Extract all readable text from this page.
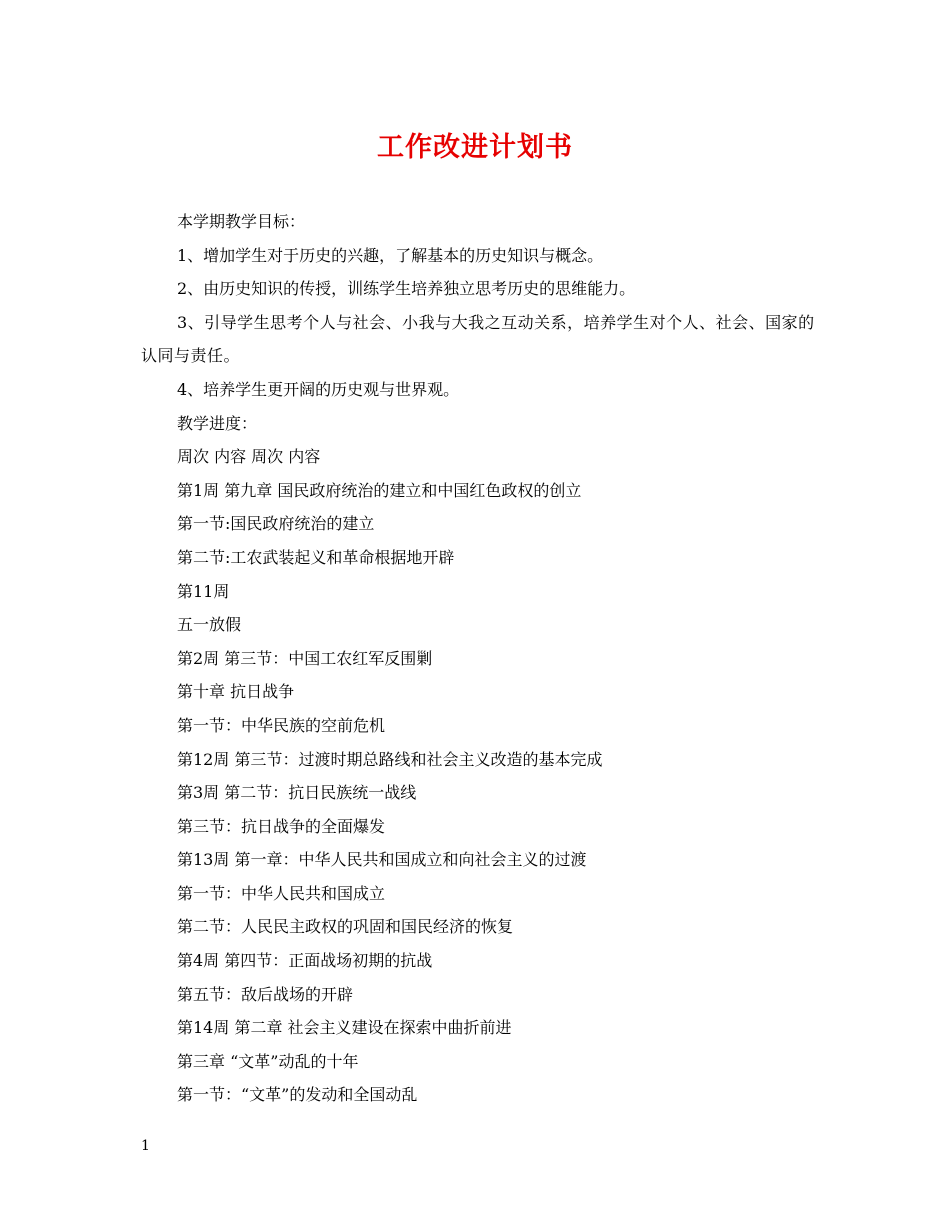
工作改进计划书

本学期教学目标：

1、增加学生对于历史的兴趣，了解基本的历史知识与概念。

2、由历史知识的传授，训练学生培养独立思考历史的思维能力。

3、引导学生思考个人与社会、小我与大我之互动关系，培养学生对个人、社会、国家的认同与责任。

4、培养学生更开阔的历史观与世界观。

教学进度：

周次 内容 周次 内容

第1周 第九章 国民政府统治的建立和中国红色政权的创立

第一节:国民政府统治的建立

第二节:工农武装起义和革命根据地开辟

第11周

五一放假

第2周 第三节：中国工农红军反围剿

第十章 抗日战争

第一节：中华民族的空前危机

第12周 第三节：过渡时期总路线和社会主义改造的基本完成

第3周 第二节：抗日民族统一战线

第三节：抗日战争的全面爆发

第13周 第一章：中华人民共和国成立和向社会主义的过渡

第一节：中华人民共和国成立

第二节：人民民主政权的巩固和国民经济的恢复

第4周 第四节：正面战场初期的抗战

第五节：敌后战场的开辟

第14周 第二章 社会主义建设在探索中曲折前进

第三章 “文革”动乱的十年

第一节：“文革”的发动和全国动乱

1
